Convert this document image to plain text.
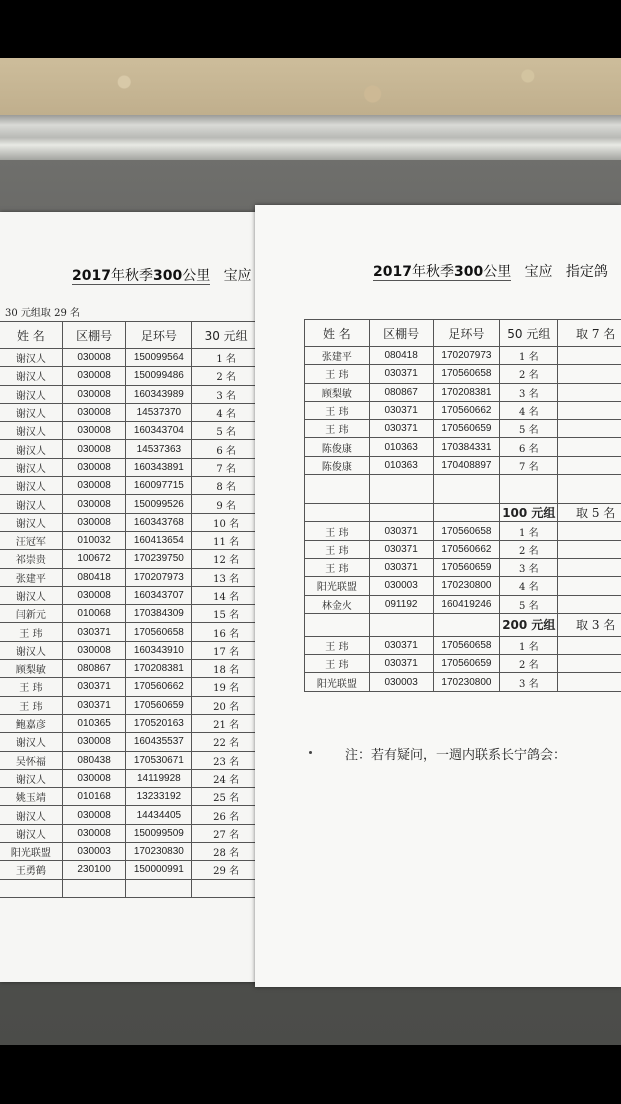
2017年秋季300公里 宝应
30 元组取 29 名
姓 名	区棚号	足环号	30 元组
谢汉人	030008	150099564	1 名
谢汉人	030008	150099486	2 名
谢汉人	030008	160343989	3 名
谢汉人	030008	14537370	4 名
谢汉人	030008	160343704	5 名
谢汉人	030008	14537363	6 名
谢汉人	030008	160343891	7 名
谢汉人	030008	160097715	8 名
谢汉人	030008	150099526	9 名
谢汉人	030008	160343768	10 名
汪冠军	010032	160413654	11 名
祁崇贵	100672	170239750	12 名
张建平	080418	170207973	13 名
谢汉人	030008	160343707	14 名
闫新元	010068	170384309	15 名
王 玮	030371	170560658	16 名
谢汉人	030008	160343910	17 名
顾梨敏	080867	170208381	18 名
王 玮	030371	170560662	19 名
王 玮	030371	170560659	20 名
鲍嘉彦	010365	170520163	21 名
谢汉人	030008	160435537	22 名
吴怀福	080438	170530671	23 名
谢汉人	030008	14119928	24 名
姚玉靖	010168	13233192	25 名
谢汉人	030008	14434405	26 名
谢汉人	030008	150099509	27 名
阳光联盟	030003	170230830	28 名
王勇鹤	230100	150000991	29 名

2017年秋季300公里 宝应 指定鸽
姓 名	区棚号	足环号	50 元组	取 7 名
张建平	080418	170207973	1 名	
王 玮	030371	170560658	2 名	
顾梨敏	080867	170208381	3 名	
王 玮	030371	170560662	4 名	
王 玮	030371	170560659	5 名	
陈俊康	010363	170384331	6 名	
陈俊康	010363	170408897	7 名	

			100 元组	取 5 名
王 玮	030371	170560658	1 名	
王 玮	030371	170560662	2 名	
王 玮	030371	170560659	3 名	
阳光联盟	030003	170230800	4 名	
林金火	091192	160419246	5 名	
			200 元组	取 3 名
王 玮	030371	170560658	1 名	
王 玮	030371	170560659	2 名	
阳光联盟	030003	170230800	3 名	
注：若有疑问，一週内联系长宁鸽会：
